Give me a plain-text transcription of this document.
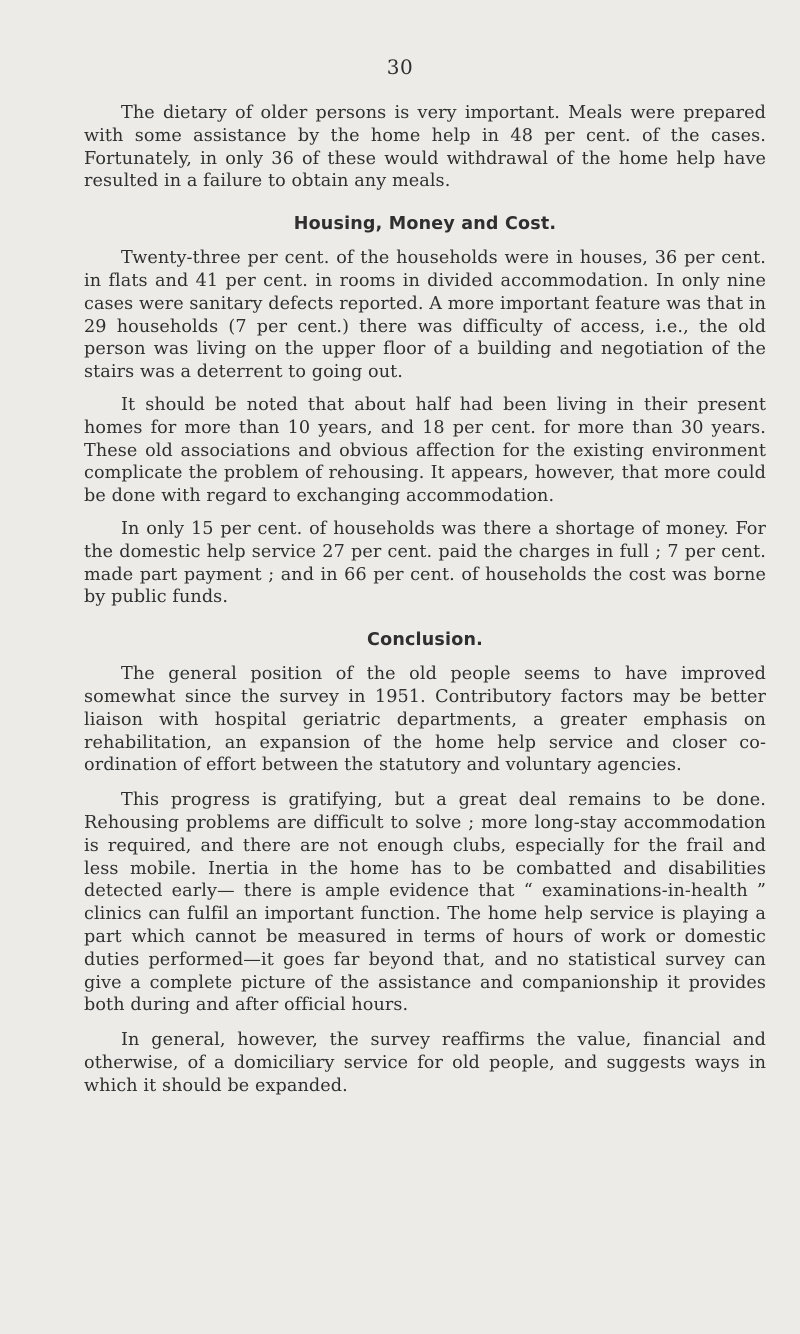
30

The dietary of older persons is very important. Meals were prepared with some assistance by the home help in 48 per cent. of the cases. Fortunately, in only 36 of these would withdrawal of the home help have resulted in a failure to obtain any meals.

Housing, Money and Cost.

Twenty-three per cent. of the households were in houses, 36 per cent. in flats and 41 per cent. in rooms in divided accommodation. In only nine cases were sanitary defects reported. A more important feature was that in 29 households (7 per cent.) there was difficulty of access, i.e., the old person was living on the upper floor of a building and negotiation of the stairs was a deterrent to going out.

It should be noted that about half had been living in their present homes for more than 10 years, and 18 per cent. for more than 30 years. These old associations and obvious affection for the existing environment complicate the problem of rehousing. It appears, however, that more could be done with regard to exchanging accommodation.

In only 15 per cent. of households was there a shortage of money. For the domestic help service 27 per cent. paid the charges in full ; 7 per cent. made part payment ; and in 66 per cent. of households the cost was borne by public funds.

Conclusion.

The general position of the old people seems to have improved somewhat since the survey in 1951. Contributory factors may be better liaison with hospital geriatric departments, a greater emphasis on rehabilitation, an expansion of the home help service and closer co-ordination of effort between the statutory and voluntary agencies.

This progress is gratifying, but a great deal remains to be done. Rehousing problems are difficult to solve ; more long-stay accommodation is required, and there are not enough clubs, especially for the frail and less mobile. Inertia in the home has to be combatted and disabilities detected early— there is ample evidence that “ examinations-in-health ” clinics can fulfil an important function. The home help service is playing a part which cannot be measured in terms of hours of work or domestic duties performed—it goes far beyond that, and no statistical survey can give a complete picture of the assistance and companionship it provides both during and after official hours.

In general, however, the survey reaffirms the value, financial and otherwise, of a domiciliary service for old people, and suggests ways in which it should be expanded.
